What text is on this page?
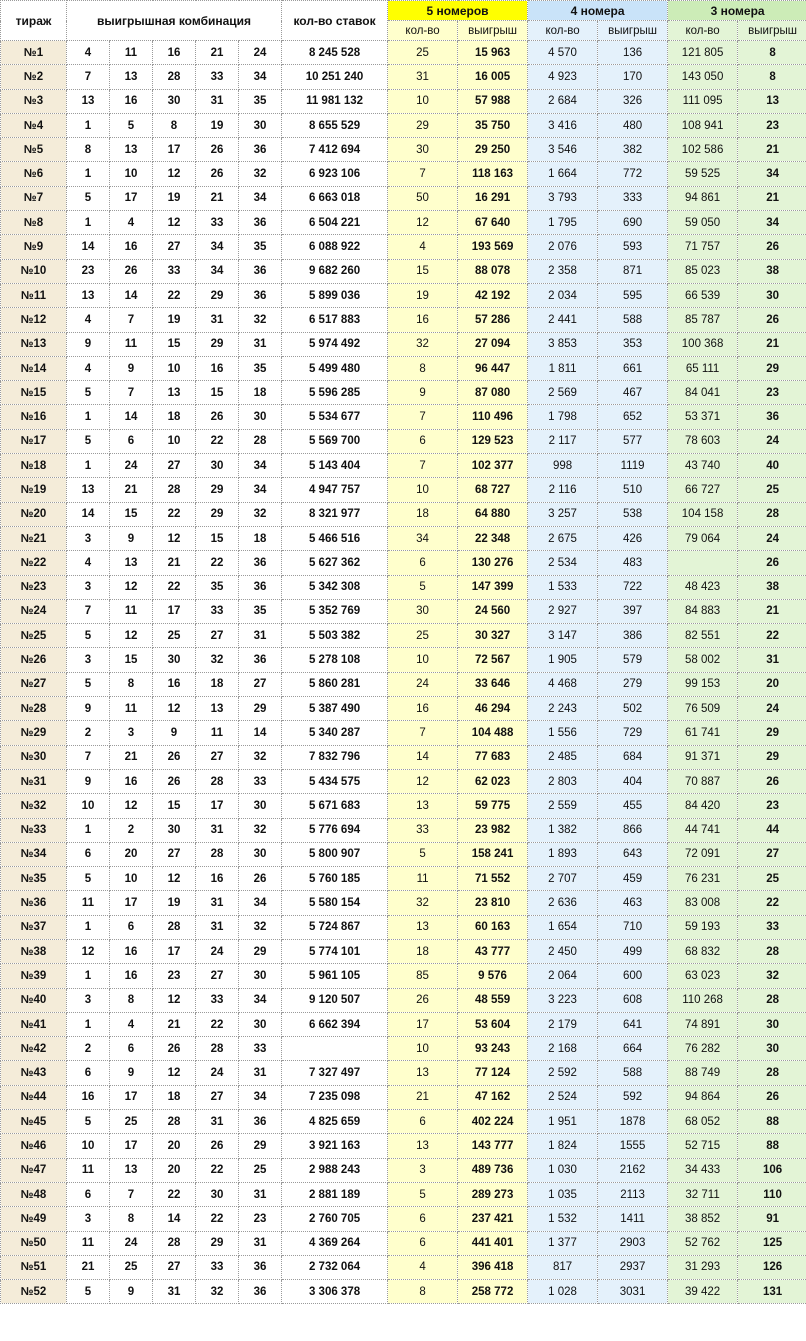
тираж	выигрышная комбинация					кол-во ставок	5 номеров		4 номера		3 номера	
							кол-во	выигрыш	кол-во	выигрыш	кол-во	выигрыш
№1	4	11	16	21	24	8 245 528	25	15 963	4 570	136	121 805	8
№2	7	13	28	33	34	10 251 240	31	16 005	4 923	170	143 050	8
№3	13	16	30	31	35	11 981 132	10	57 988	2 684	326	111 095	13
№4	1	5	8	19	30	8 655 529	29	35 750	3 416	480	108 941	23
№5	8	13	17	26	36	7 412 694	30	29 250	3 546	382	102 586	21
№6	1	10	12	26	32	6 923 106	7	118 163	1 664	772	59 525	34
№7	5	17	19	21	34	6 663 018	50	16 291	3 793	333	94 861	21
№8	1	4	12	33	36	6 504 221	12	67 640	1 795	690	59 050	34
№9	14	16	27	34	35	6 088 922	4	193 569	2 076	593	71 757	26
№10	23	26	33	34	36	9 682 260	15	88 078	2 358	871	85 023	38
№11	13	14	22	29	36	5 899 036	19	42 192	2 034	595	66 539	30
№12	4	7	19	31	32	6 517 883	16	57 286	2 441	588	85 787	26
№13	9	11	15	29	31	5 974 492	32	27 094	3 853	353	100 368	21
№14	4	9	10	16	35	5 499 480	8	96 447	1 811	661	65 111	29
№15	5	7	13	15	18	5 596 285	9	87 080	2 569	467	84 041	23
№16	1	14	18	26	30	5 534 677	7	110 496	1 798	652	53 371	36
№17	5	6	10	22	28	5 569 700	6	129 523	2 117	577	78 603	24
№18	1	24	27	30	34	5 143 404	7	102 377	998	1119	43 740	40
№19	13	21	28	29	34	4 947 757	10	68 727	2 116	510	66 727	25
№20	14	15	22	29	32	8 321 977	18	64 880	3 257	538	104 158	28
№21	3	9	12	15	18	5 466 516	34	22 348	2 675	426	79 064	24
№22	4	13	21	22	36	5 627 362	6	130 276	2 534	483		26
№23	3	12	22	35	36	5 342 308	5	147 399	1 533	722	48 423	38
№24	7	11	17	33	35	5 352 769	30	24 560	2 927	397	84 883	21
№25	5	12	25	27	31	5 503 382	25	30 327	3 147	386	82 551	22
№26	3	15	30	32	36	5 278 108	10	72 567	1 905	579	58 002	31
№27	5	8	16	18	27	5 860 281	24	33 646	4 468	279	99 153	20
№28	9	11	12	13	29	5 387 490	16	46 294	2 243	502	76 509	24
№29	2	3	9	11	14	5 340 287	7	104 488	1 556	729	61 741	29
№30	7	21	26	27	32	7 832 796	14	77 683	2 485	684	91 371	29
№31	9	16	26	28	33	5 434 575	12	62 023	2 803	404	70 887	26
№32	10	12	15	17	30	5 671 683	13	59 775	2 559	455	84 420	23
№33	1	2	30	31	32	5 776 694	33	23 982	1 382	866	44 741	44
№34	6	20	27	28	30	5 800 907	5	158 241	1 893	643	72 091	27
№35	5	10	12	16	26	5 760 185	11	71 552	2 707	459	76 231	25
№36	11	17	19	31	34	5 580 154	32	23 810	2 636	463	83 008	22
№37	1	6	28	31	32	5 724 867	13	60 163	1 654	710	59 193	33
№38	12	16	17	24	29	5 774 101	18	43 777	2 450	499	68 832	28
№39	1	16	23	27	30	5 961 105	85	9 576	2 064	600	63 023	32
№40	3	8	12	33	34	9 120 507	26	48 559	3 223	608	110 268	28
№41	1	4	21	22	30	6 662 394	17	53 604	2 179	641	74 891	30
№42	2	6	26	28	33		10	93 243	2 168	664	76 282	30
№43	6	9	12	24	31	7 327 497	13	77 124	2 592	588	88 749	28
№44	16	17	18	27	34	7 235 098	21	47 162	2 524	592	94 864	26
№45	5	25	28	31	36	4 825 659	6	402 224	1 951	1878	68 052	88
№46	10	17	20	26	29	3 921 163	13	143 777	1 824	1555	52 715	88
№47	11	13	20	22	25	2 988 243	3	489 736	1 030	2162	34 433	106
№48	6	7	22	30	31	2 881 189	5	289 273	1 035	2113	32 711	110
№49	3	8	14	22	23	2 760 705	6	237 421	1 532	1411	38 852	91
№50	11	24	28	29	31	4 369 264	6	441 401	1 377	2903	52 762	125
№51	21	25	27	33	36	2 732 064	4	396 418	817	2937	31 293	126
№52	5	9	31	32	36	3 306 378	8	258 772	1 028	3031	39 422	131
